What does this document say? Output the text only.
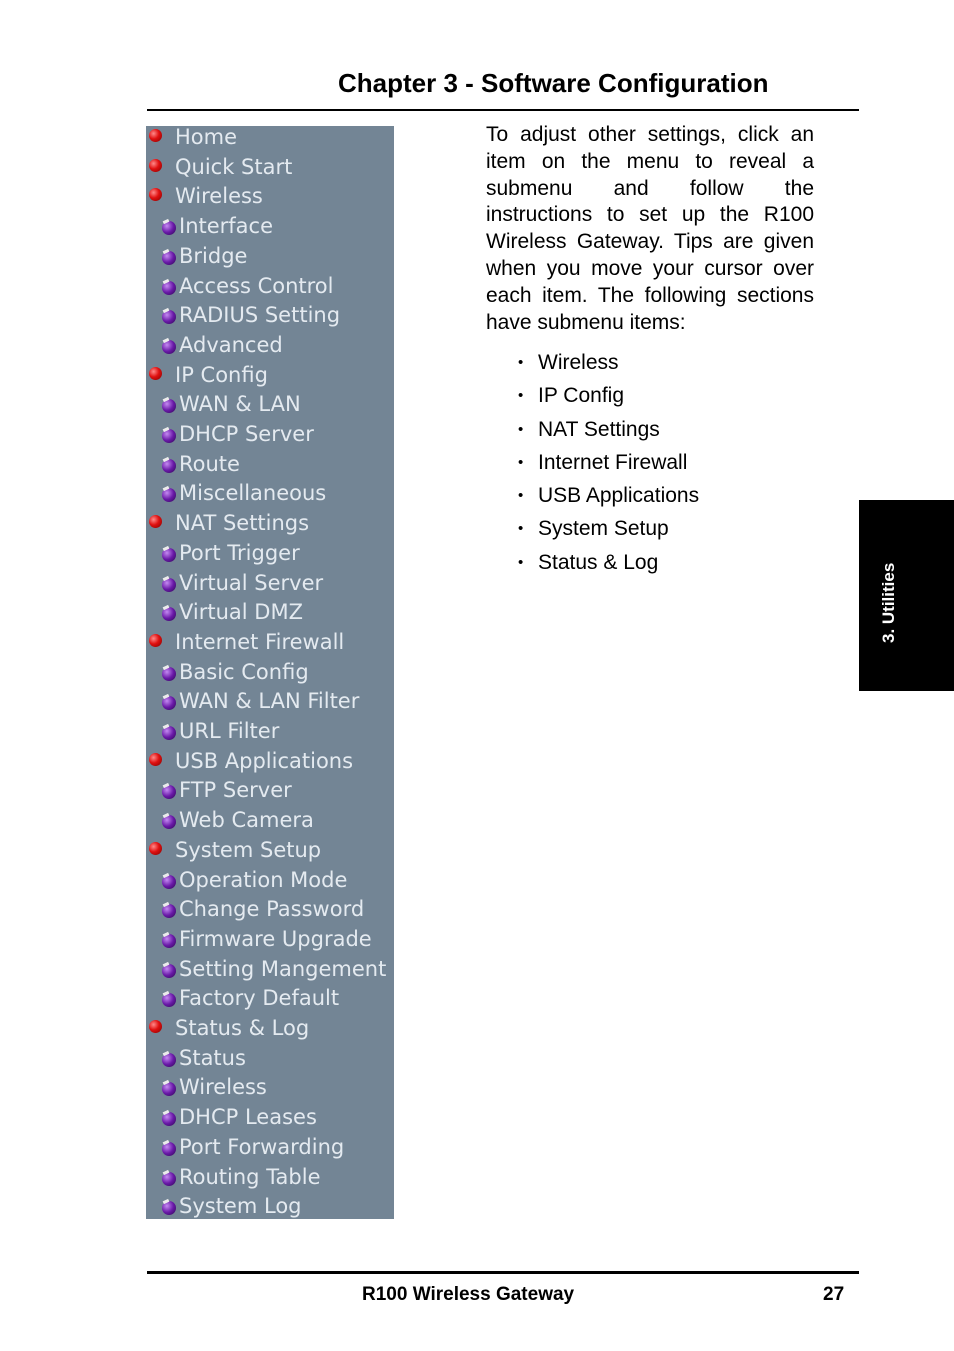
Chapter 3 - Software Configuration
Home
Quick Start
Wireless
Interface
Bridge
Access Control
RADIUS Setting
Advanced
IP Config
WAN & LAN
DHCP Server
Route
Miscellaneous
NAT Settings
Port Trigger
Virtual Server
Virtual DMZ
Internet Firewall
Basic Config
WAN & LAN Filter
URL Filter
USB Applications
FTP Server
Web Camera
System Setup
Operation Mode
Change Password
Firmware Upgrade
Setting Mangement
Factory Default
Status & Log
Status
Wireless
DHCP Leases
Port Forwarding
Routing Table
System Log
To adjust other settings, click an item on the menu to reveal a submenu and follow the instructions to set up the R100 Wireless Gateway. Tips are given when you move your cursor over each item. The following sections have submenu items:
• Wireless
• IP Config
• NAT Settings
• Internet Firewall
• USB Applications
• System Setup
• Status & Log
3. Utilities
R100 Wireless Gateway	27
